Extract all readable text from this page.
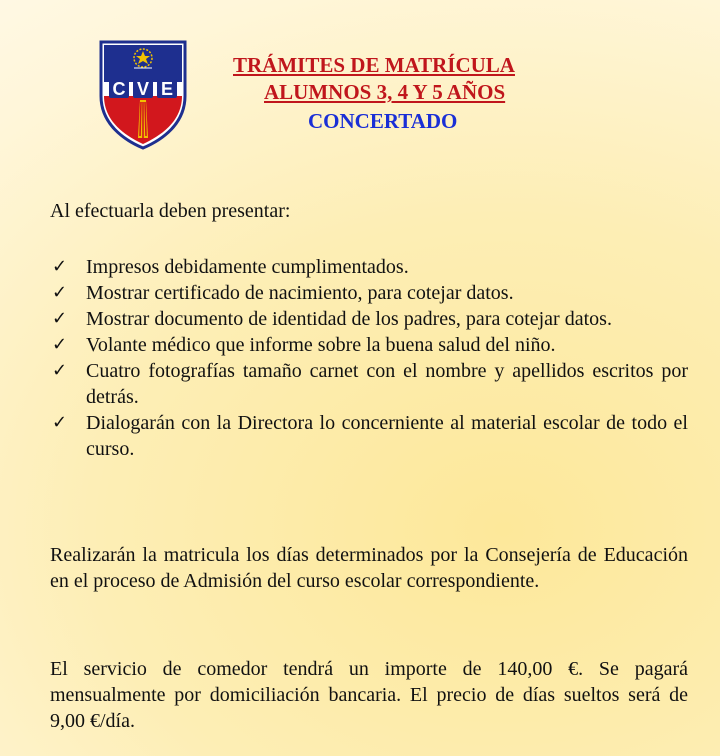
C V E
TRÁMITES DE MATRÍCULA
ALUMNOS 3, 4 Y 5 AÑOS
CONCERTADO
Al efectuarla deben presentar:
✓ Impresos debidamente cumplimentados.
✓ Mostrar certificado de nacimiento, para cotejar datos.
✓ Mostrar documento de identidad de los padres, para cotejar datos.
✓ Volante médico que informe sobre la buena salud del niño.
✓ Cuatro fotografías tamaño carnet con el nombre y apellidos escritos por detrás.
✓ Dialogarán con la Directora lo concerniente al material escolar de todo el curso.
Realizarán la matricula los días determinados por la Consejería de Educación en el proceso de Admisión del curso escolar correspondiente.
El servicio de comedor tendrá un importe de 140,00 €. Se pagará mensualmente por domiciliación bancaria. El precio de días sueltos será de 9,00 €/día.
